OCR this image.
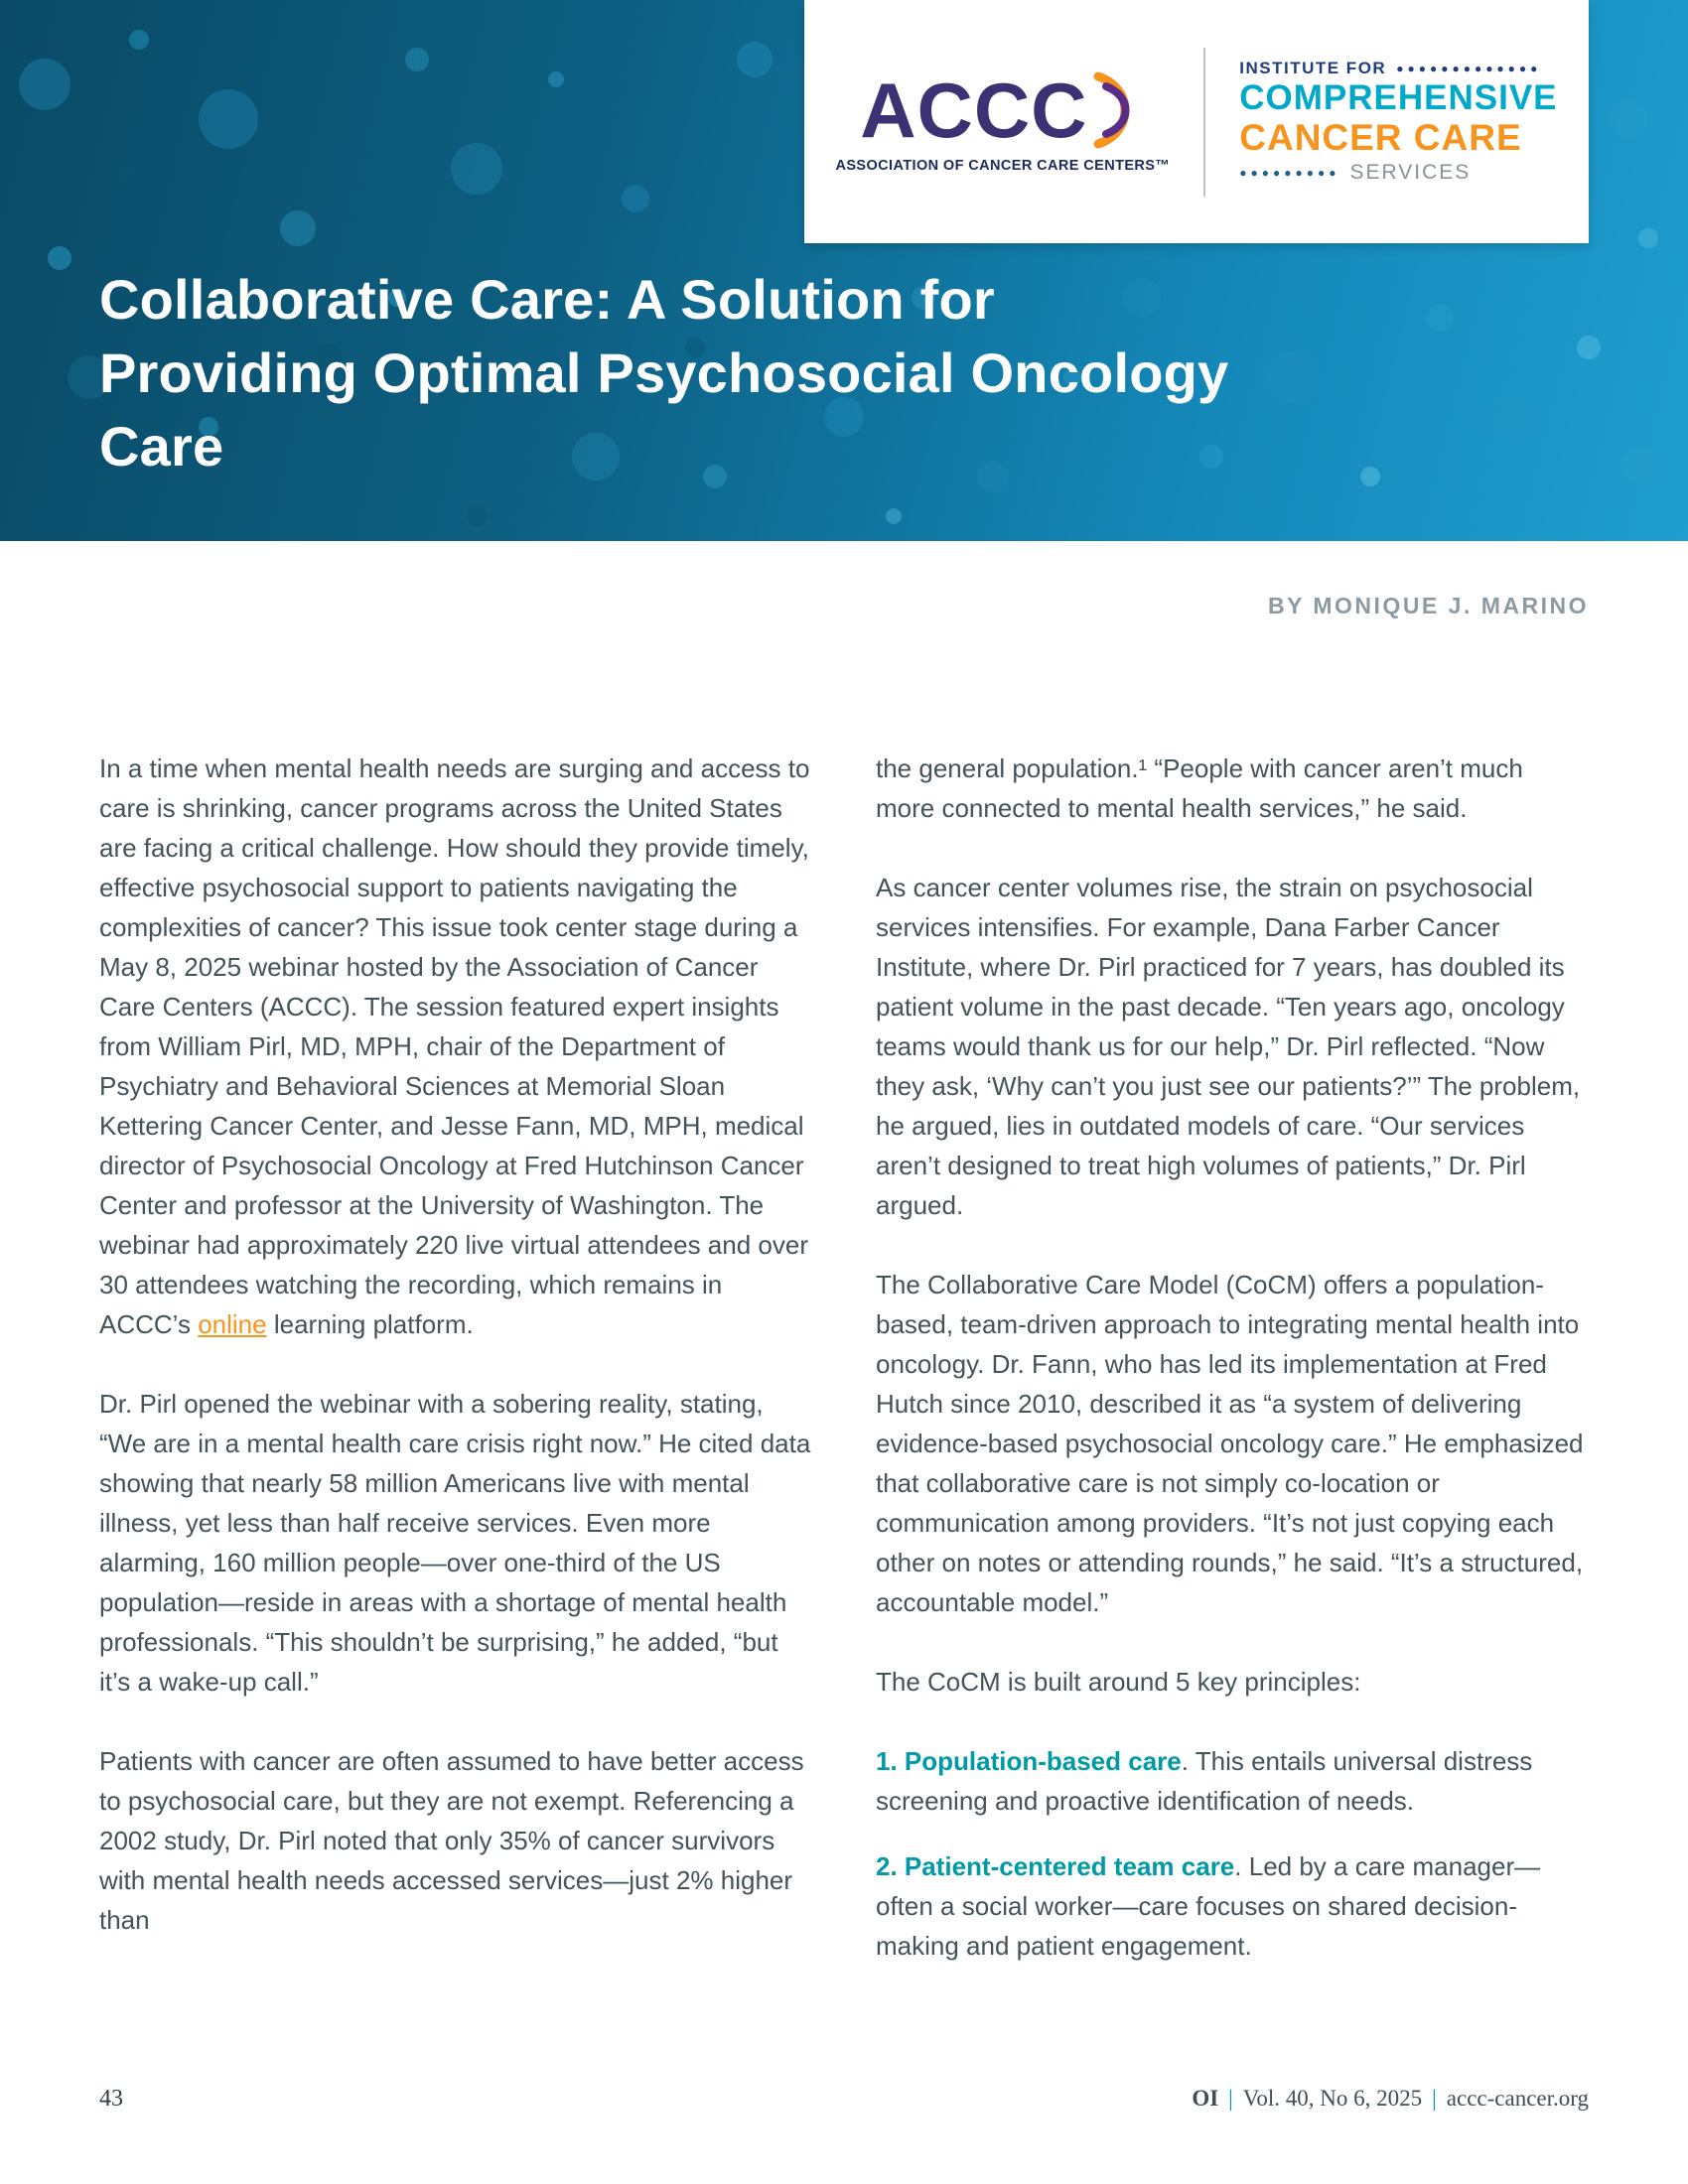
ACCC
ASSOCIATION OF CANCER CARE CENTERS™
INSTITUTE FOR ●●●●●●●●●●●●●
COMPREHENSIVE
CANCER CARE
●●●●●●●●● SERVICES
Collaborative Care: A Solution for Providing Optimal Psychosocial Oncology Care
BY MONIQUE J. MARINO

In a time when mental health needs are surging and access to care is shrinking, cancer programs across the United States are facing a critical challenge. How should they provide timely, effective psychosocial support to patients navigating the complexities of cancer? This issue took center stage during a May 8, 2025 webinar hosted by the Association of Cancer Care Centers (ACCC). The session featured expert insights from William Pirl, MD, MPH, chair of the Department of Psychiatry and Behavioral Sciences at Memorial Sloan Kettering Cancer Center, and Jesse Fann, MD, MPH, medical director of Psychosocial Oncology at Fred Hutchinson Cancer Center and professor at the University of Washington. The webinar had approximately 220 live virtual attendees and over 30 attendees watching the recording, which remains in ACCC’s online learning platform.

Dr. Pirl opened the webinar with a sobering reality, stating, “We are in a mental health care crisis right now.” He cited data showing that nearly 58 million Americans live with mental illness, yet less than half receive services. Even more alarming, 160 million people—over one-third of the US population—reside in areas with a shortage of mental health professionals. “This shouldn’t be surprising,” he added, “but it’s a wake-up call.”

Patients with cancer are often assumed to have better access to psychosocial care, but they are not exempt. Referencing a 2002 study, Dr. Pirl noted that only 35% of cancer survivors with mental health needs accessed services—just 2% higher than

the general population.¹ “People with cancer aren’t much more connected to mental health services,” he said.

As cancer center volumes rise, the strain on psychosocial services intensifies. For example, Dana Farber Cancer Institute, where Dr. Pirl practiced for 7 years, has doubled its patient volume in the past decade. “Ten years ago, oncology teams would thank us for our help,” Dr. Pirl reflected. “Now they ask, ‘Why can’t you just see our patients?’” The problem, he argued, lies in outdated models of care. “Our services aren’t designed to treat high volumes of patients,” Dr. Pirl argued.

The Collaborative Care Model (CoCM) offers a population-based, team-driven approach to integrating mental health into oncology. Dr. Fann, who has led its implementation at Fred Hutch since 2010, described it as “a system of delivering evidence-based psychosocial oncology care.” He emphasized that collaborative care is not simply co-location or communication among providers. “It’s not just copying each other on notes or attending rounds,” he said. “It’s a structured, accountable model.”

The CoCM is built around 5 key principles:

1. Population-based care. This entails universal distress screening and proactive identification of needs.

2. Patient-centered team care. Led by a care manager—often a social worker—care focuses on shared decision-making and patient engagement.

43	OI | Vol. 40, No 6, 2025 | accc-cancer.org
